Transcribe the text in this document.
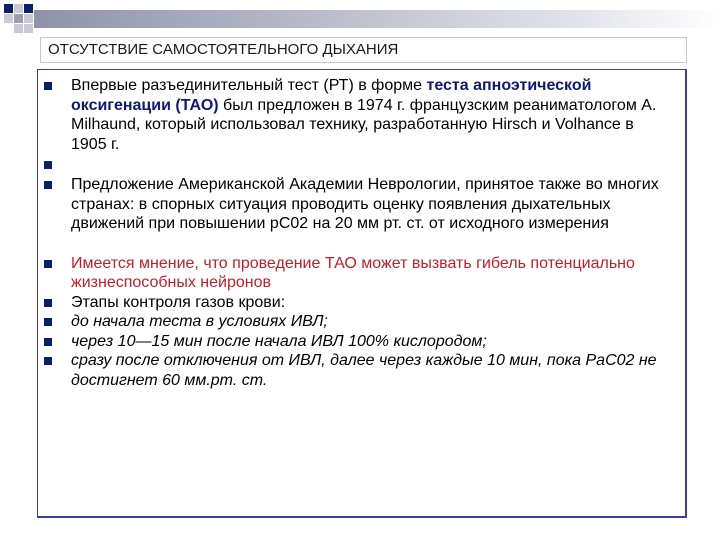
ОТСУТСТВИЕ САМОСТОЯТЕЛЬНОГО ДЫХАНИЯ
Впервые разъединительный тест (РТ) в форме теста апноэтической оксигенации (ТАО) был предложен в 1974 г. французским реаниматологом А. Milhaund, который использовал технику, разработанную Hirsch и Volhance в 1905 г.
Предложение Американской Академии Неврологии, принятое также во многих странах: в спорных ситуация проводить оценку появления дыхательных движений при повышении рС02 на 20 мм рт. ст. от исходного измерения
Имеется мнение, что проведение ТАО может вызвать гибель потенциально жизнеспособных нейронов
Этапы контроля газов крови:
до начала теста в условиях ИВЛ;
через 10—15 мин после начала ИВЛ 100% кислородом;
сразу после отключения от ИВЛ, далее через каждые 10 мин, пока РаС02 не достигнет 60 мм.рт. ст.
